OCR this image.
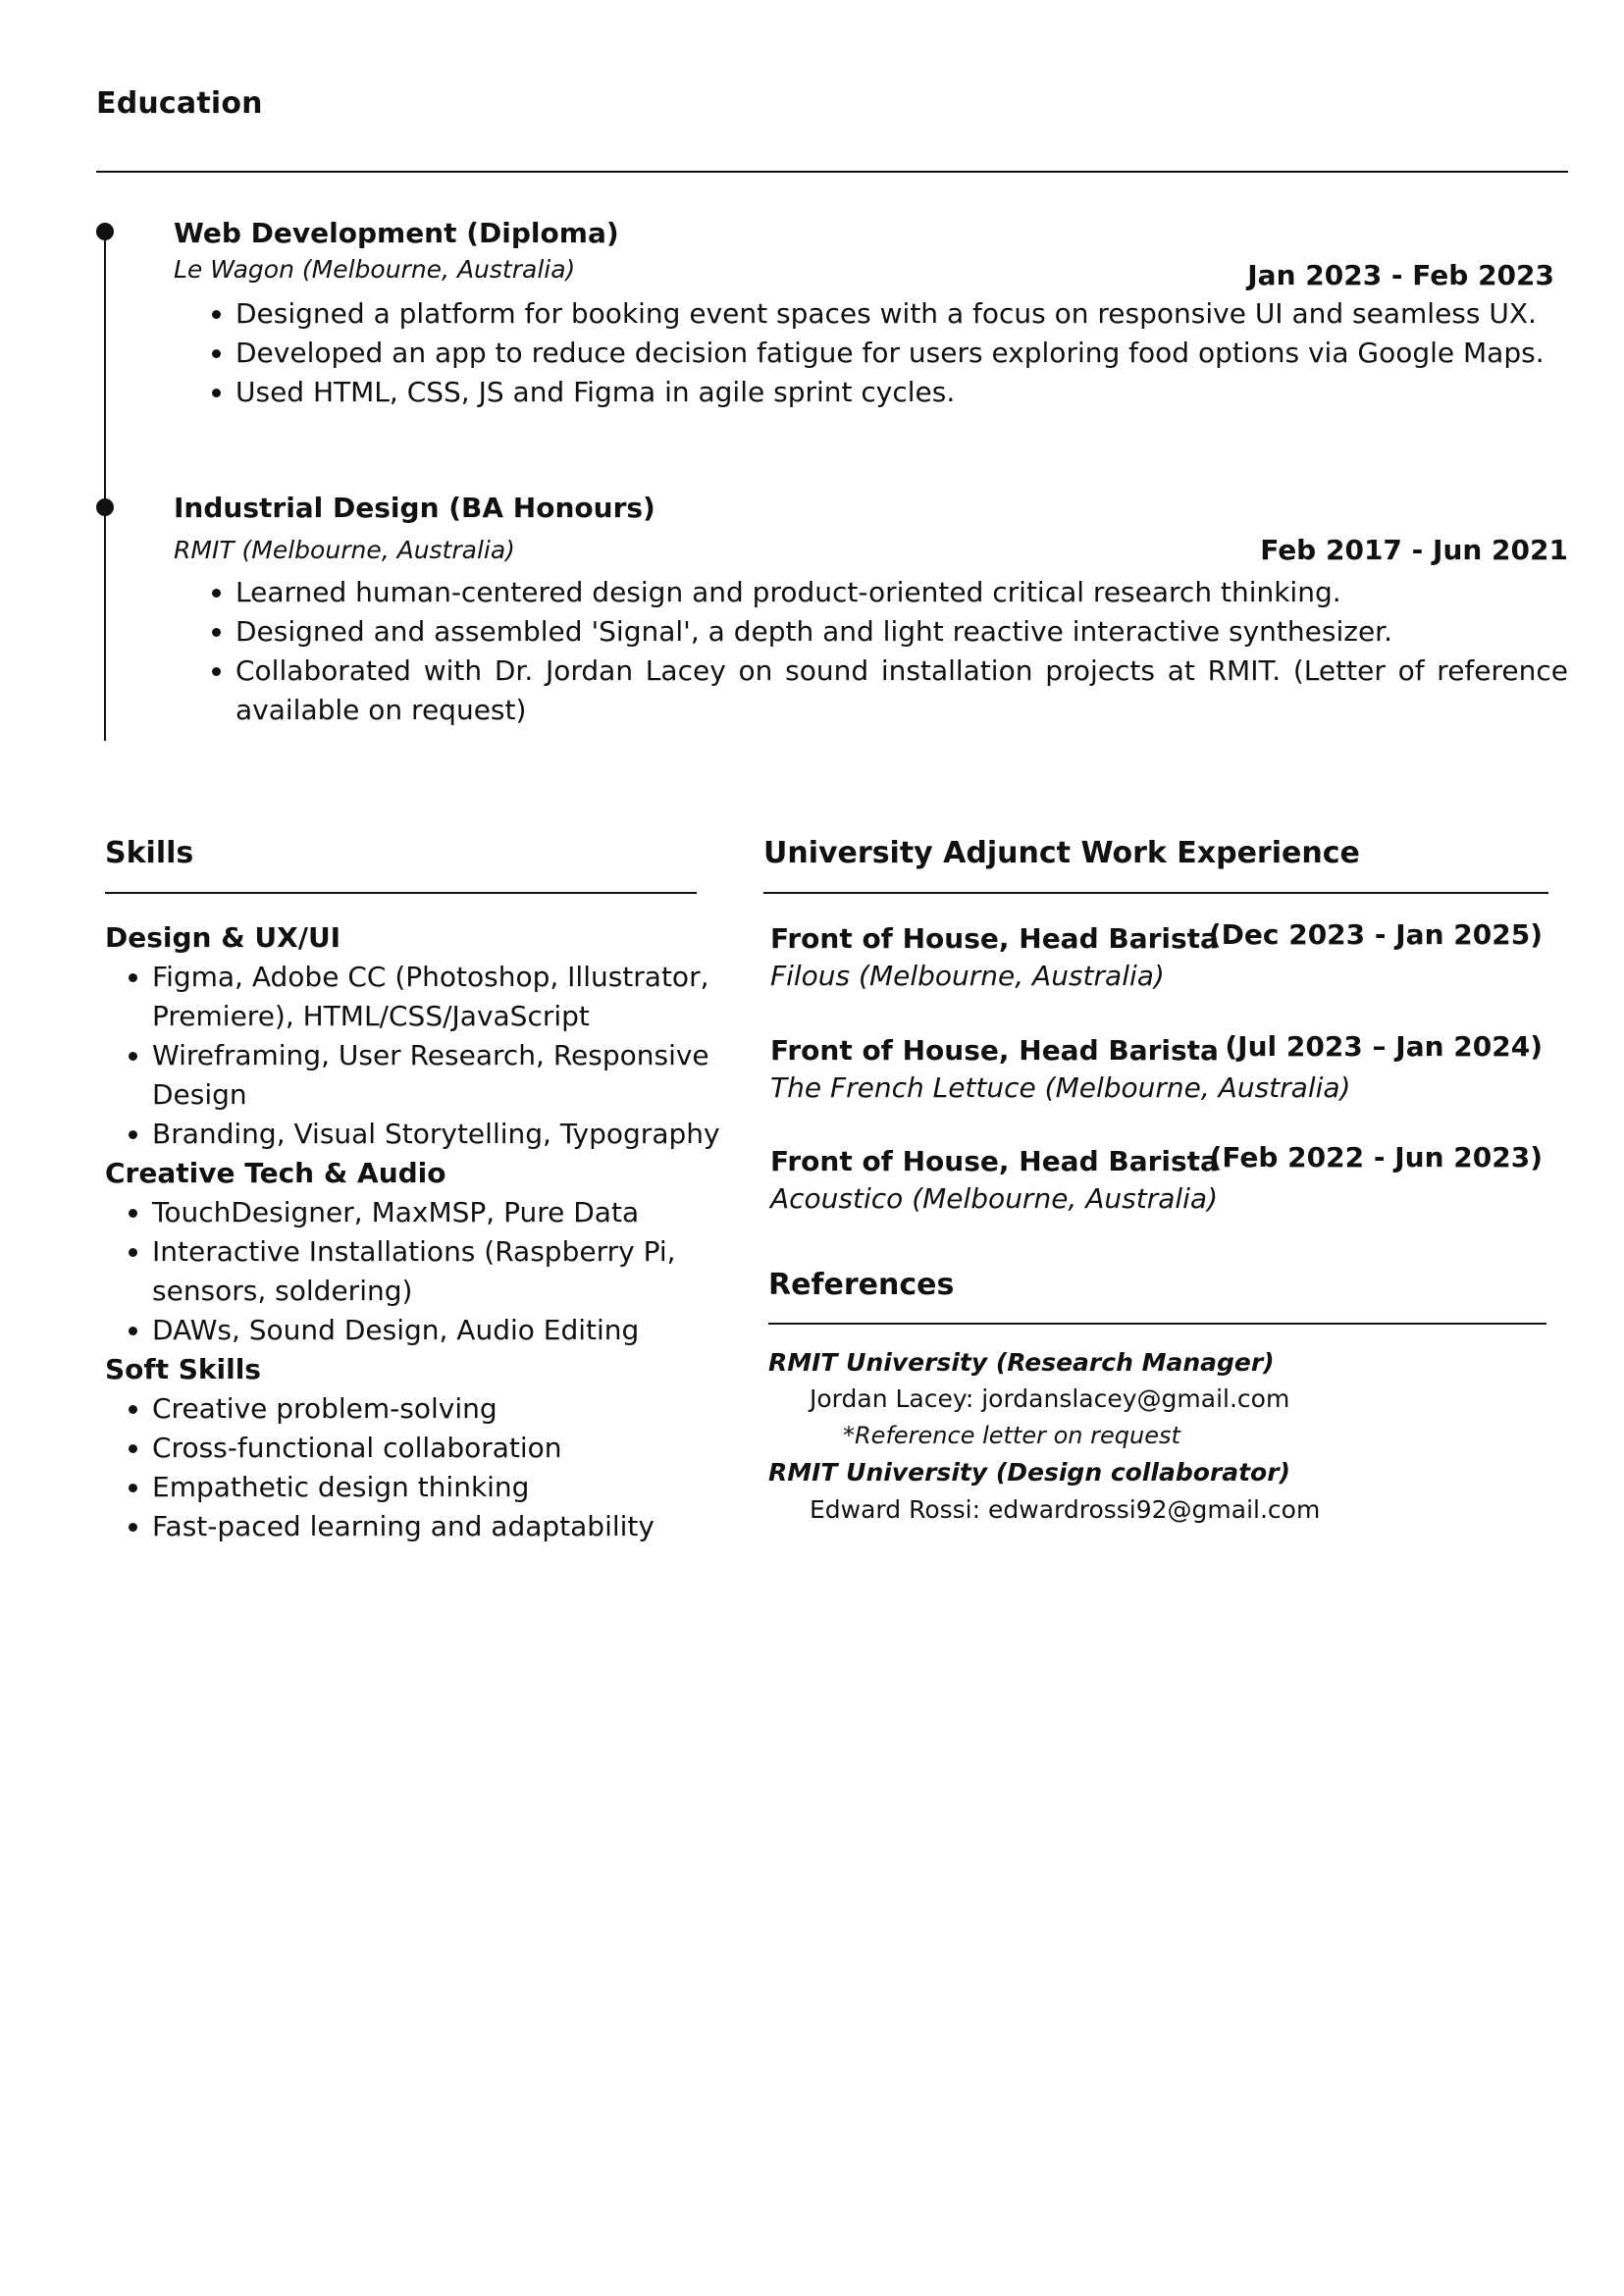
Education
Web Development (Diploma)
Le Wagon (Melbourne, Australia)	Jan 2023 - Feb 2023
• Designed a platform for booking event spaces with a focus on responsive UI and seamless UX.
• Developed an app to reduce decision fatigue for users exploring food options via Google Maps.
• Used HTML, CSS, JS and Figma in agile sprint cycles.
Industrial Design (BA Honours)
RMIT (Melbourne, Australia)	Feb 2017 - Jun 2021
• Learned human-centered design and product-oriented critical research thinking.
• Designed and assembled 'Signal', a depth and light reactive interactive synthesizer.
• Collaborated with Dr. Jordan Lacey on sound installation projects at RMIT. (Letter of reference available on request)
Skills
Design & UX/UI
• Figma, Adobe CC (Photoshop, Illustrator, Premiere), HTML/CSS/JavaScript
• Wireframing, User Research, Responsive Design
• Branding, Visual Storytelling, Typography
Creative Tech & Audio
• TouchDesigner, MaxMSP, Pure Data
• Interactive Installations (Raspberry Pi, sensors, soldering)
• DAWs, Sound Design, Audio Editing
Soft Skills
• Creative problem-solving
• Cross-functional collaboration
• Empathetic design thinking
• Fast-paced learning and adaptability
University Adjunct Work Experience
Front of House, Head Barista
(Dec 2023 - Jan 2025)
Filous (Melbourne, Australia)
Front of House, Head Barista (Jul 2023 – Jan 2024)
The French Lettuce (Melbourne, Australia)
Front of House, Head Barista
(Feb 2022 - Jun 2023)
Acoustico (Melbourne, Australia)
References
RMIT University (Research Manager)
Jordan Lacey: jordanslacey@gmail.com
*Reference letter on request
RMIT University (Design collaborator)
Edward Rossi: edwardrossi92@gmail.com
